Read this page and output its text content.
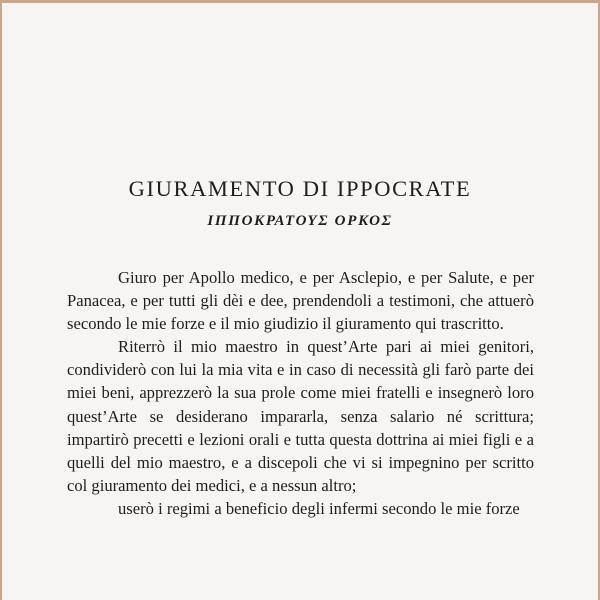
GIURAMENTO DI IPPOCRATE
ΙΠΠΟΚΡΑΤΟΥΣ ΟΡΚΟΣ

Giuro per Apollo medico, e per Asclepio, e per Salute, e per Panacea, e per tutti gli dèi e dee, prendendoli a testimoni, che attuerò secondo le mie forze e il mio giudizio il giuramento qui trascritto.

Riterrò il mio maestro in quest’Arte pari ai miei genitori, condividerò con lui la mia vita e in caso di necessità gli farò parte dei miei beni, apprezzerò la sua prole come miei fratelli e insegnerò loro quest’Arte se desiderano impararla, senza salario né scrittura; impartirò precetti e lezioni orali e tutta questa dottrina ai miei figli e a quelli del mio maestro, e a discepoli che vi si impegnino per scritto col giuramento dei medici, e a nessun altro;

userò i regimi a beneficio degli infermi secondo le mie forze
